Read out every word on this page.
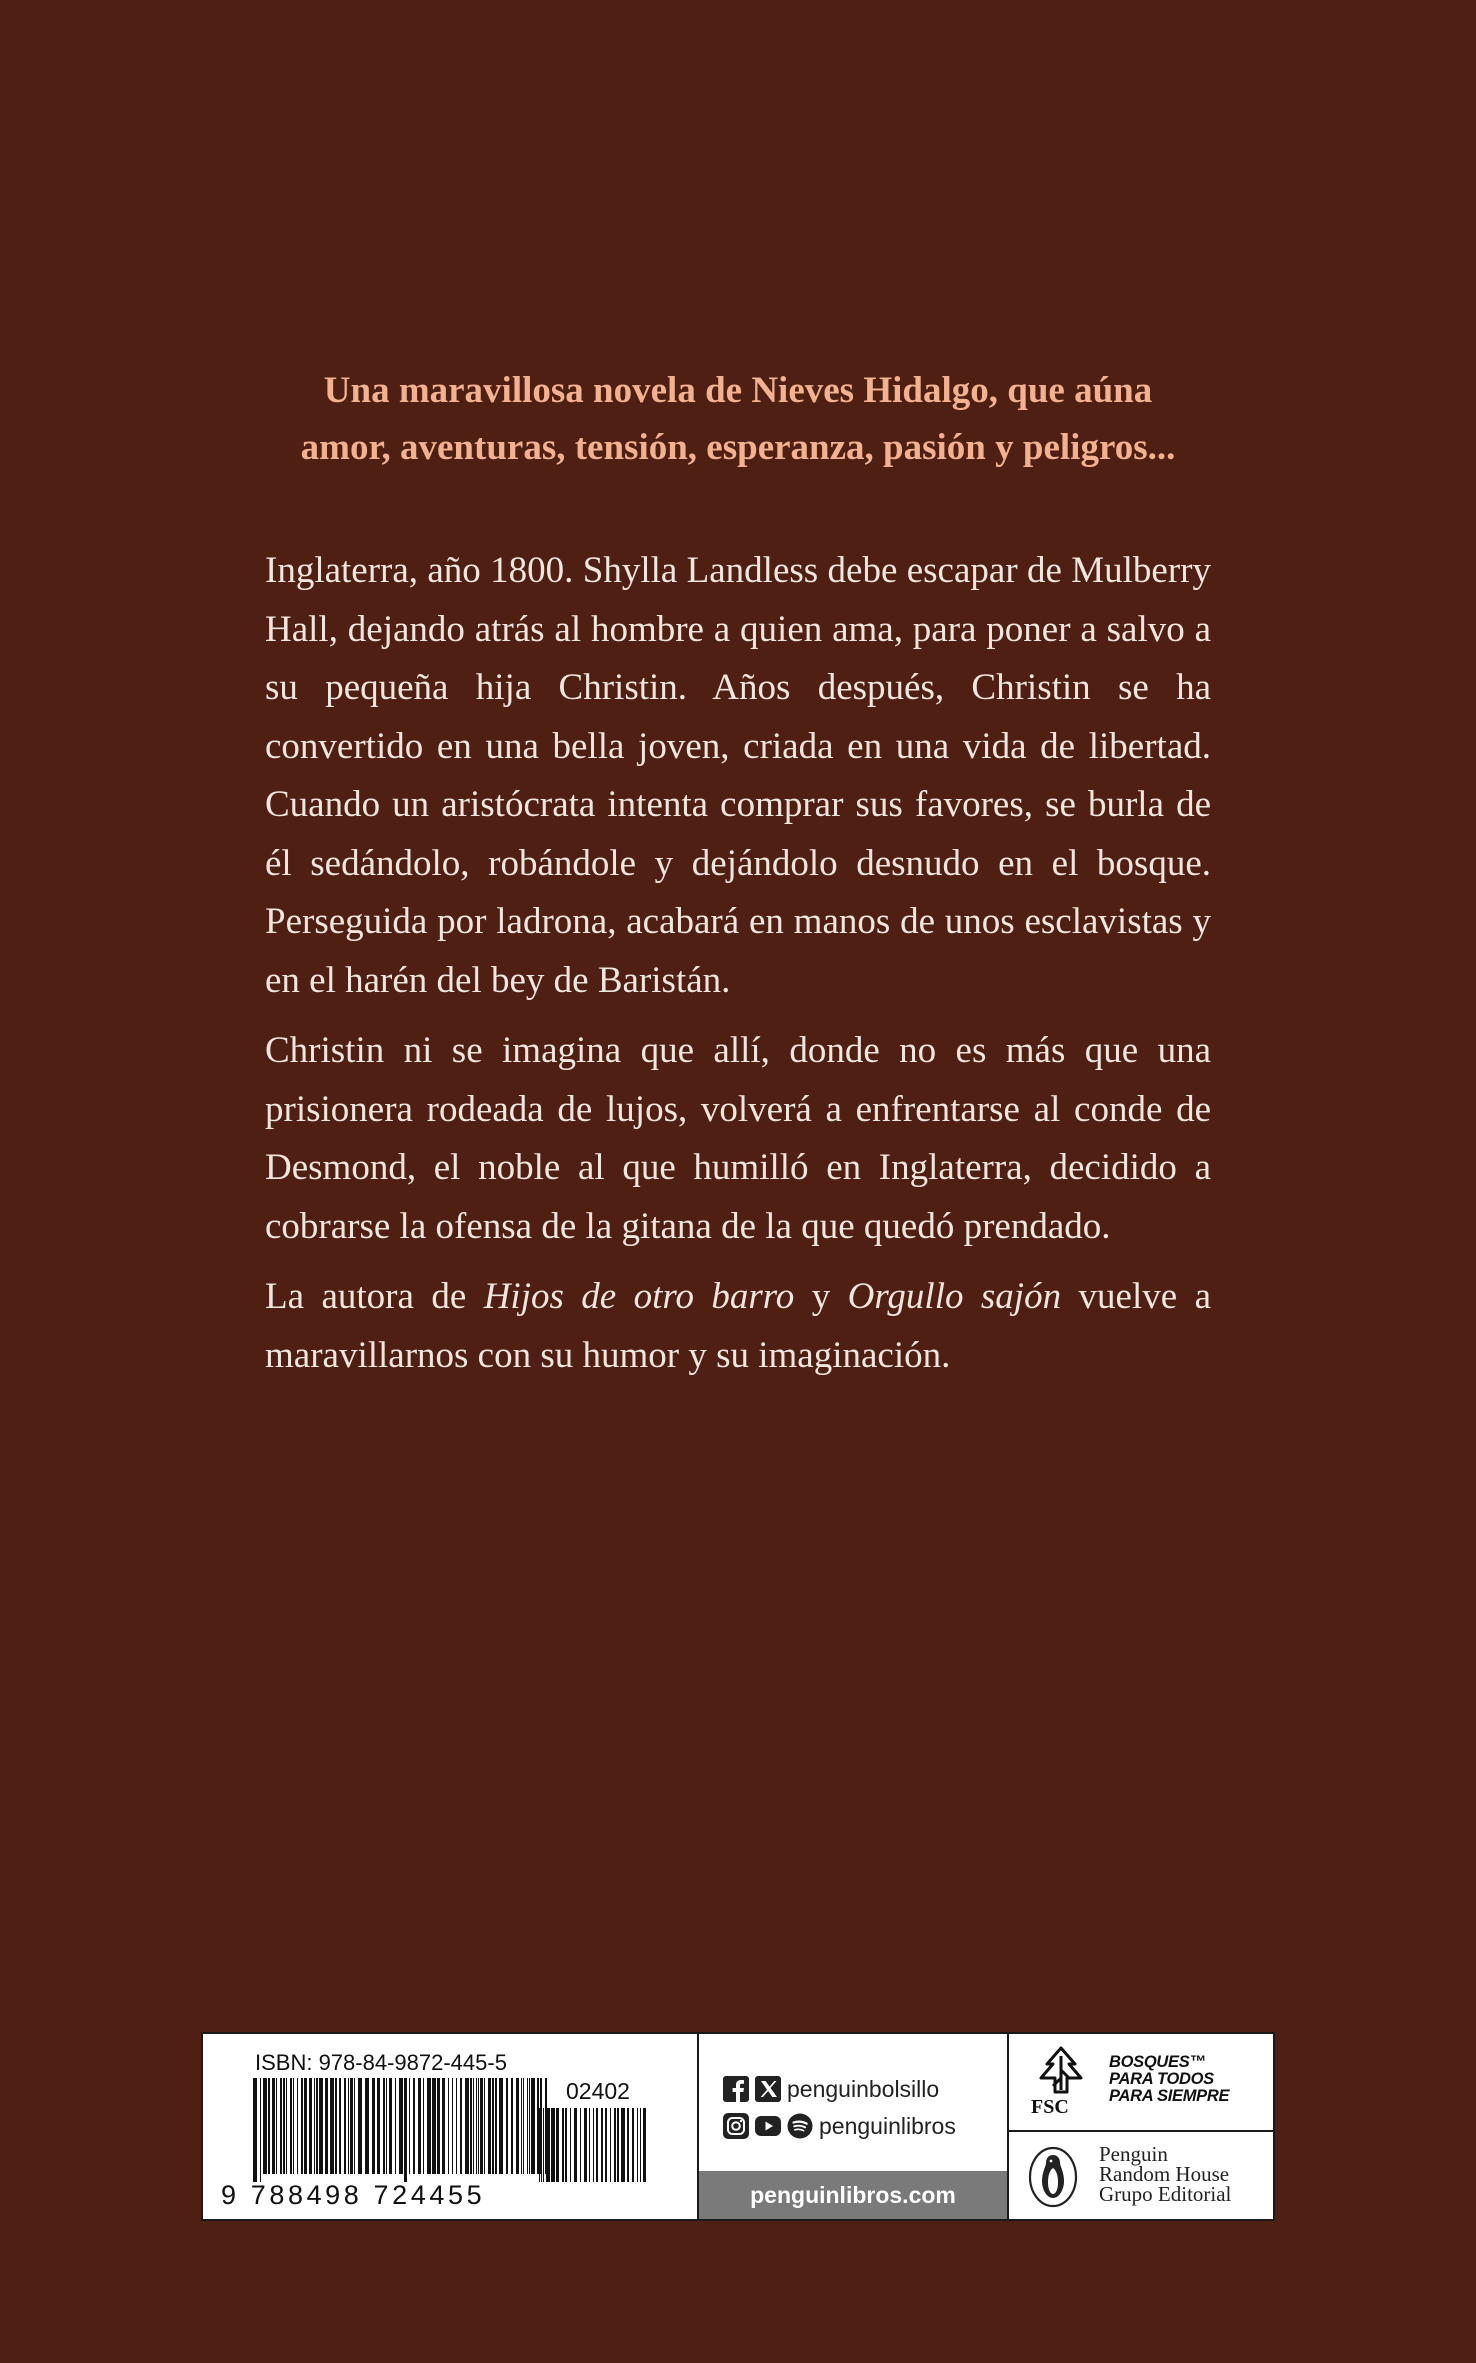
Una maravillosa novela de Nieves Hidalgo, que aúna

amor, aventuras, tensión, esperanza, pasión y peligros...

Inglaterra, año 1800. Shylla Landless debe escapar de Mulberry Hall, dejando atrás al hombre a quien ama, para poner a salvo a su pequeña hija Christin. Años después, Christin se ha convertido en una bella joven, criada en una vida de libertad. Cuando un aristócrata intenta comprar sus favores, se burla de él sedándolo, robándole y dejándolo desnudo en el bosque. Perseguida por ladrona, acabará en manos de unos esclavistas y en el harén del bey de Baristán.

Christin ni se imagina que allí, donde no es más que una prisionera rodeada de lujos, volverá a enfrentarse al conde de Desmond, el noble al que humilló en Inglaterra, decidido a cobrarse la ofensa de la gitana de la que quedó prendado.

La autora de Hijos de otro barro y Orgullo sajón vuelve a maravillarnos con su humor y su imaginación.

ISBN: 978-84-9872-445-5
02402
9 788498 724455
penguinbolsillo
penguinlibros
penguinlibros.com
FSC
BOSQUES™
PARA TODOS
PARA SIEMPRE
Penguin
Random House
Grupo Editorial
